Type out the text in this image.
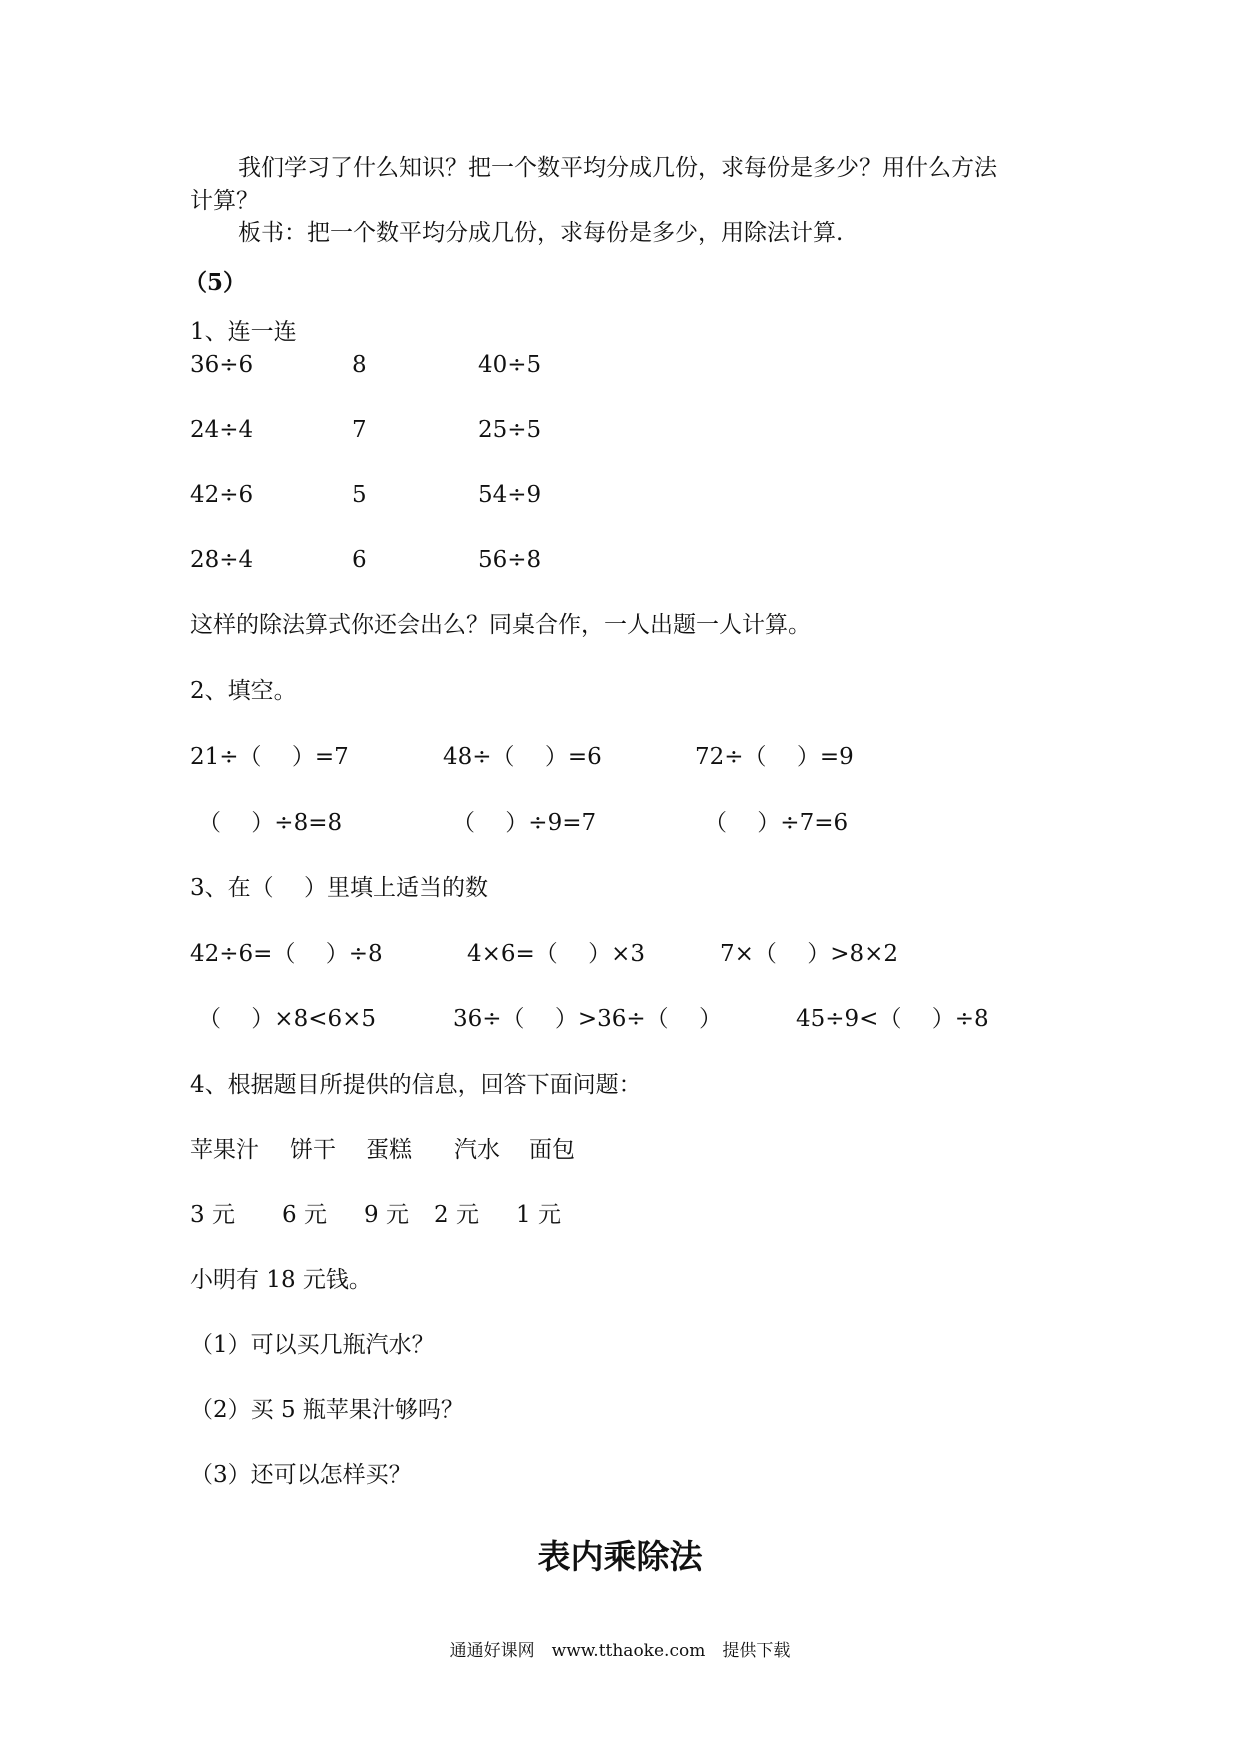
我们学习了什么知识？把一个数平均分成几份，求每份是多少？用什么方法
计算？
板书：把一个数平均分成几份，求每份是多少，用除法计算.
（5）
1、连一连
36÷6	8	40÷5
24÷4	7	25÷5
42÷6	5	54÷9
28÷4	6	56÷8
这样的除法算式你还会出么？同桌合作，一人出题一人计算。
2、填空。
21÷（　 ）=7	48÷（　 ）=6	72÷（　 ）=9
（　 ）÷8=8	（　 ）÷9=7	（　 ）÷7=6
3、在（　 ）里填上适当的数
42÷6=（　 ）÷8	4×6=（　 ）×3	7×（　 ）>8×2
（　 ）×8<6×5	36÷（　 ）>36÷（　 ）	45÷9<（　 ）÷8
4、根据题目所提供的信息，回答下面问题：
苹果汁 饼干 蛋糕 汽水 面包
3 元 6 元 9 元 2 元 1 元
小明有 18 元钱。
（1）可以买几瓶汽水？
（2）买 5 瓶苹果汁够吗？
（3）还可以怎样买？
表内乘除法
通通好课网　www.tthaoke.com　提供下载
